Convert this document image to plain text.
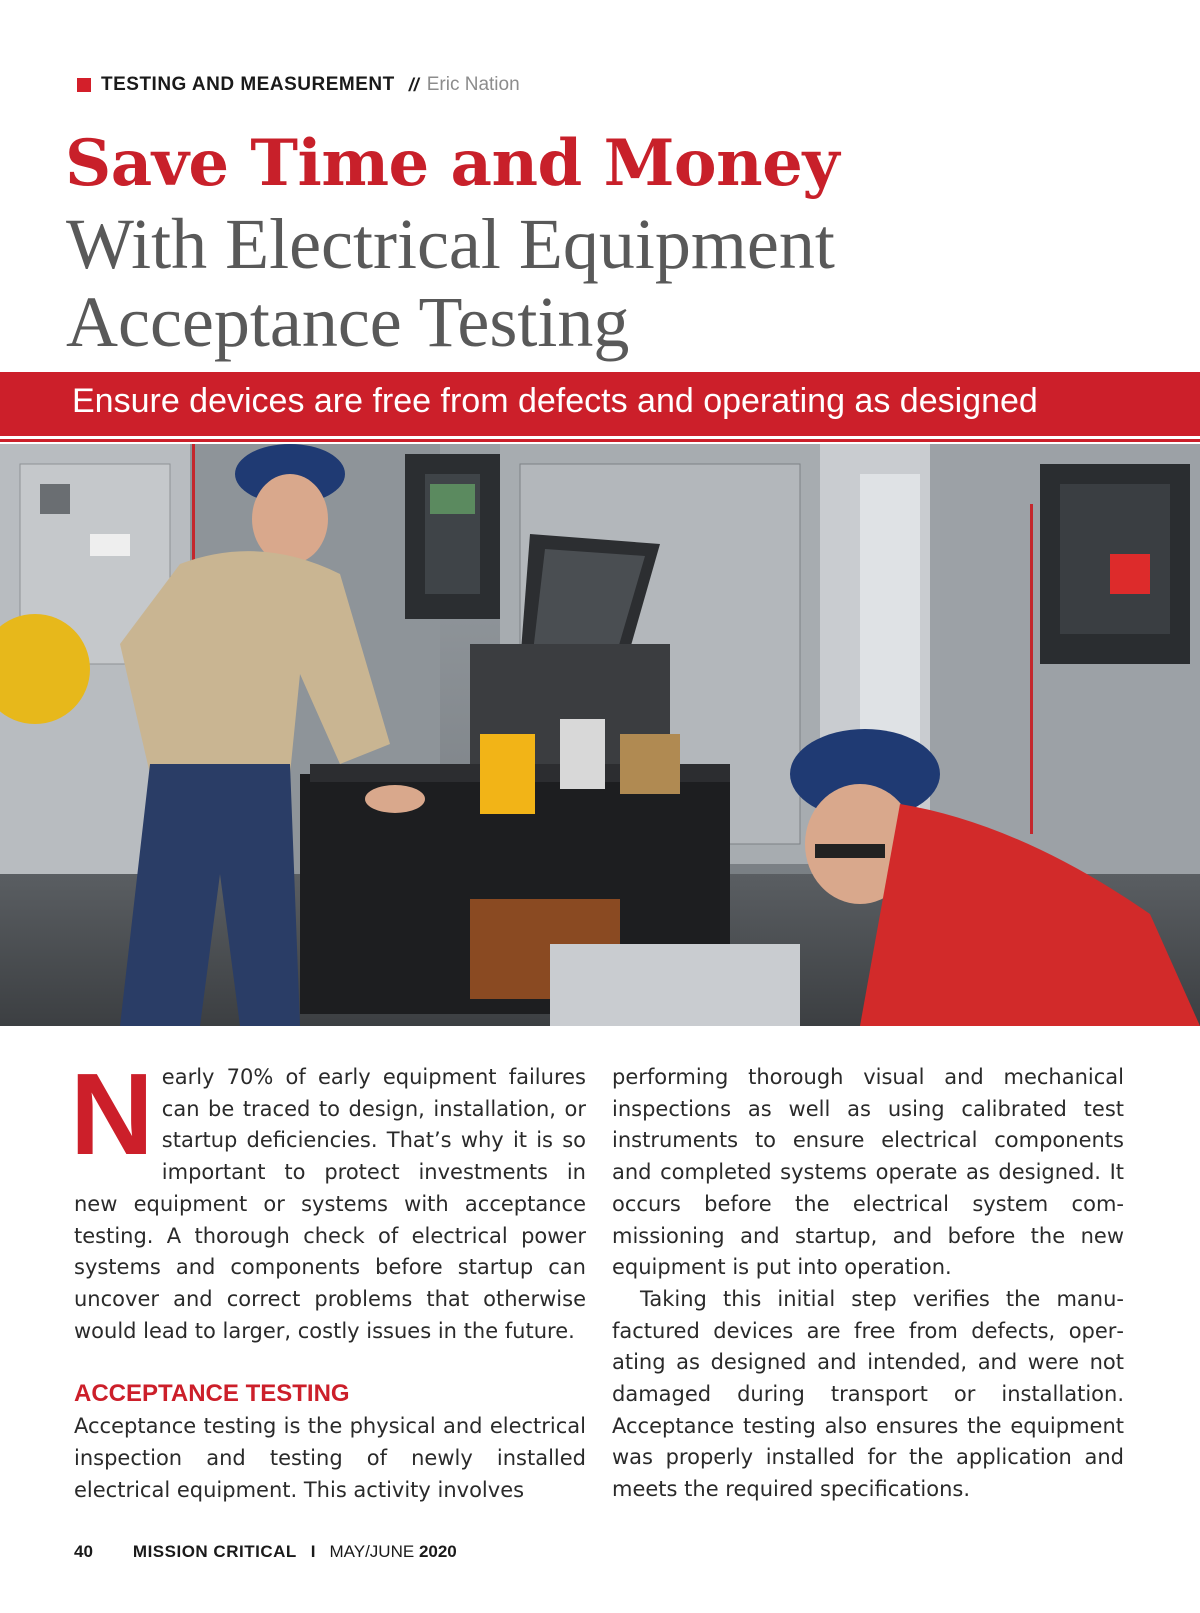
TESTING AND MEASUREMENT // Eric Nation
Save Time and Money
With Electrical Equipment
Acceptance Testing
Ensure devices are free from defects and operating as designed

Nearly 70% of early equipment failures can be traced to design, installation, or startup deficiencies. That’s why it is so important to protect investments in new equipment or systems with acceptance testing. A thorough check of electrical power systems and components before startup can uncover and correct problems that otherwise would lead to larger, costly issues in the future.

ACCEPTANCE TESTING

Acceptance testing is the physical and electrical inspection and testing of newly installed electrical equipment. This activity involves

performing thorough visual and mechanical inspections as well as using calibrated test instruments to ensure electrical components and completed systems operate as designed. It occurs before the electrical system commissioning and startup, and before the new equipment is put into operation.

Taking this initial step verifies the manufactured devices are free from defects, operating as designed and intended, and were not damaged during transport or installation. Acceptance testing also ensures the equipment was properly installed for the application and meets the required specifications.

40 MISSION CRITICAL I MAY/JUNE
2020
